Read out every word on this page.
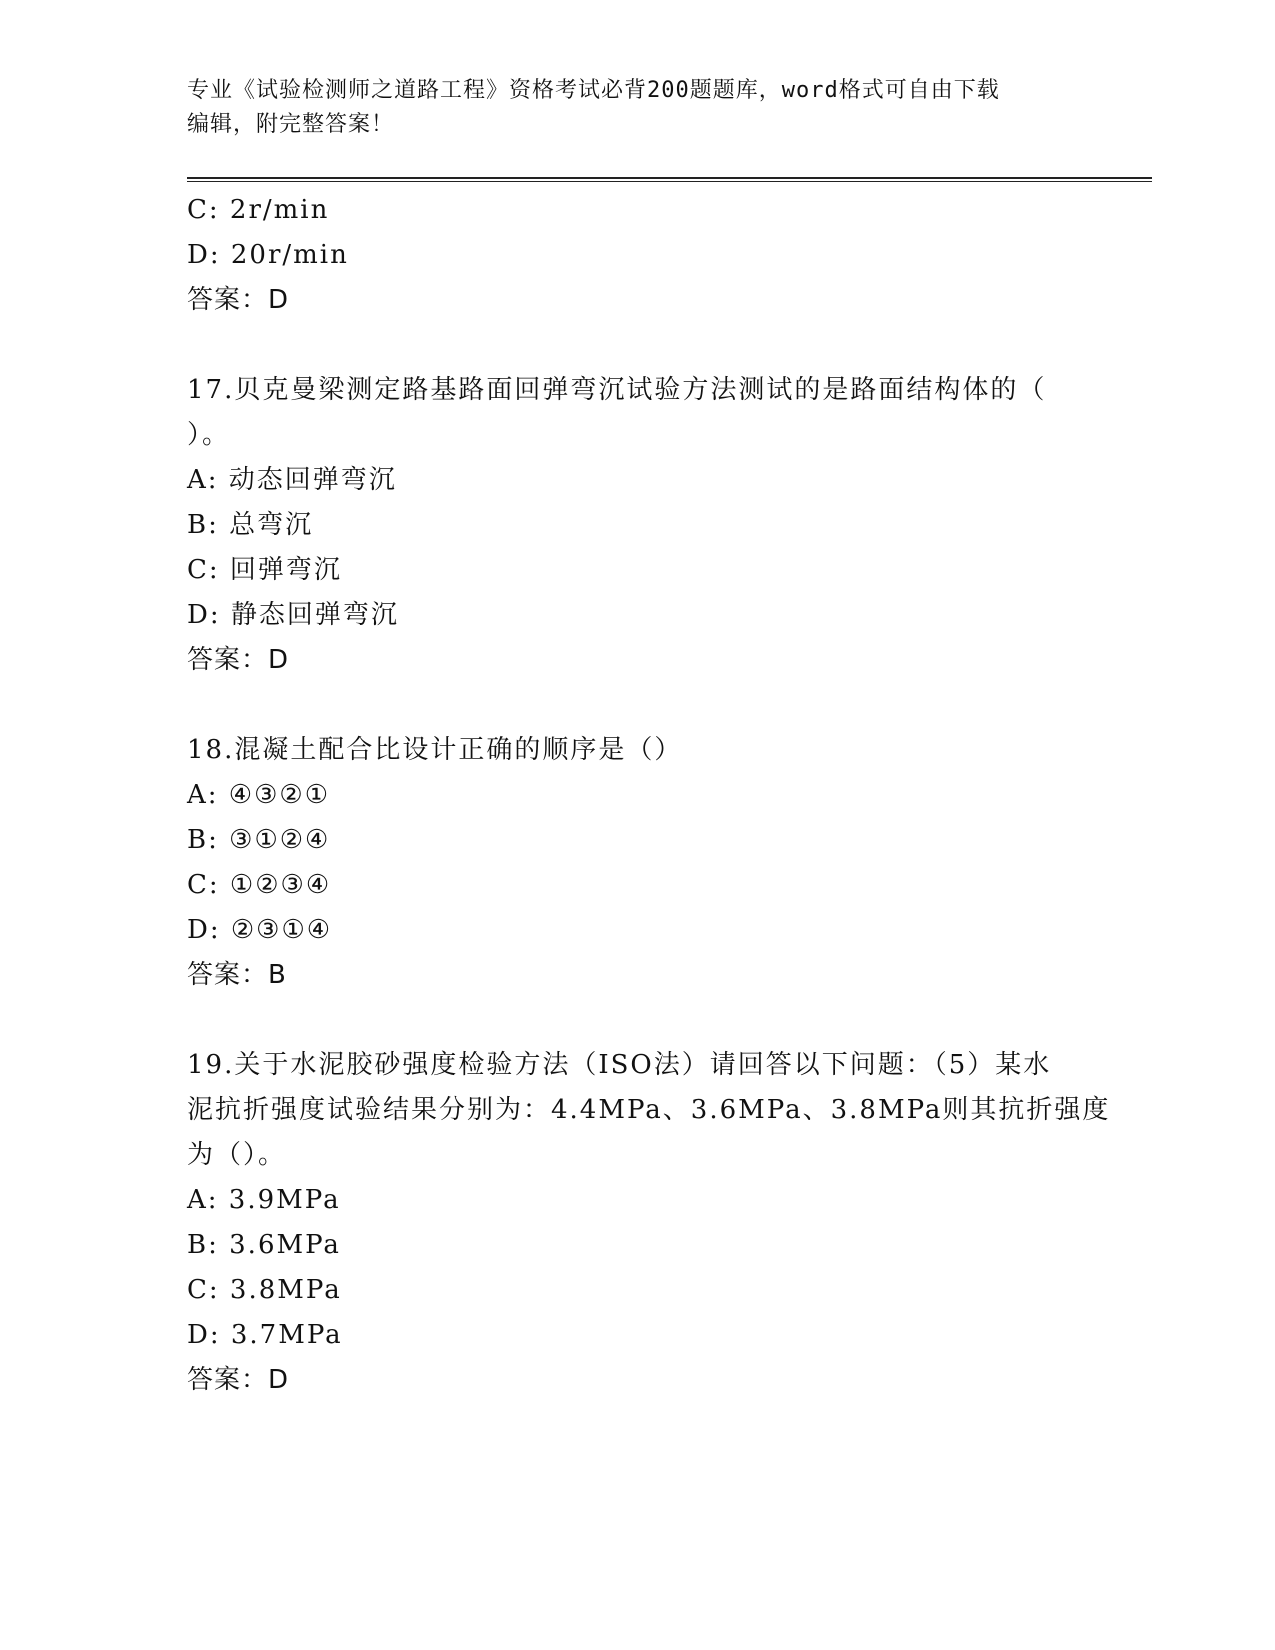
专业《试验检测师之道路工程》资格考试必背200题题库，word格式可自由下载
编辑，附完整答案！
C: 2r/min
D: 20r/min
答案：D
17.贝克曼梁测定路基路面回弹弯沉试验方法测试的是路面结构体的（
）。
A: 动态回弹弯沉
B: 总弯沉
C: 回弹弯沉
D: 静态回弹弯沉
答案：D
18.混凝土配合比设计正确的顺序是（）
A: ④③②①
B: ③①②④
C: ①②③④
D: ②③①④
答案：B
19.关于水泥胶砂强度检验方法（ISO法）请回答以下问题：（5）某水
泥抗折强度试验结果分别为：4.4MPa、3.6MPa、3.8MPa则其抗折强度
为（）。
A: 3.9MPa
B: 3.6MPa
C: 3.8MPa
D: 3.7MPa
答案：D
